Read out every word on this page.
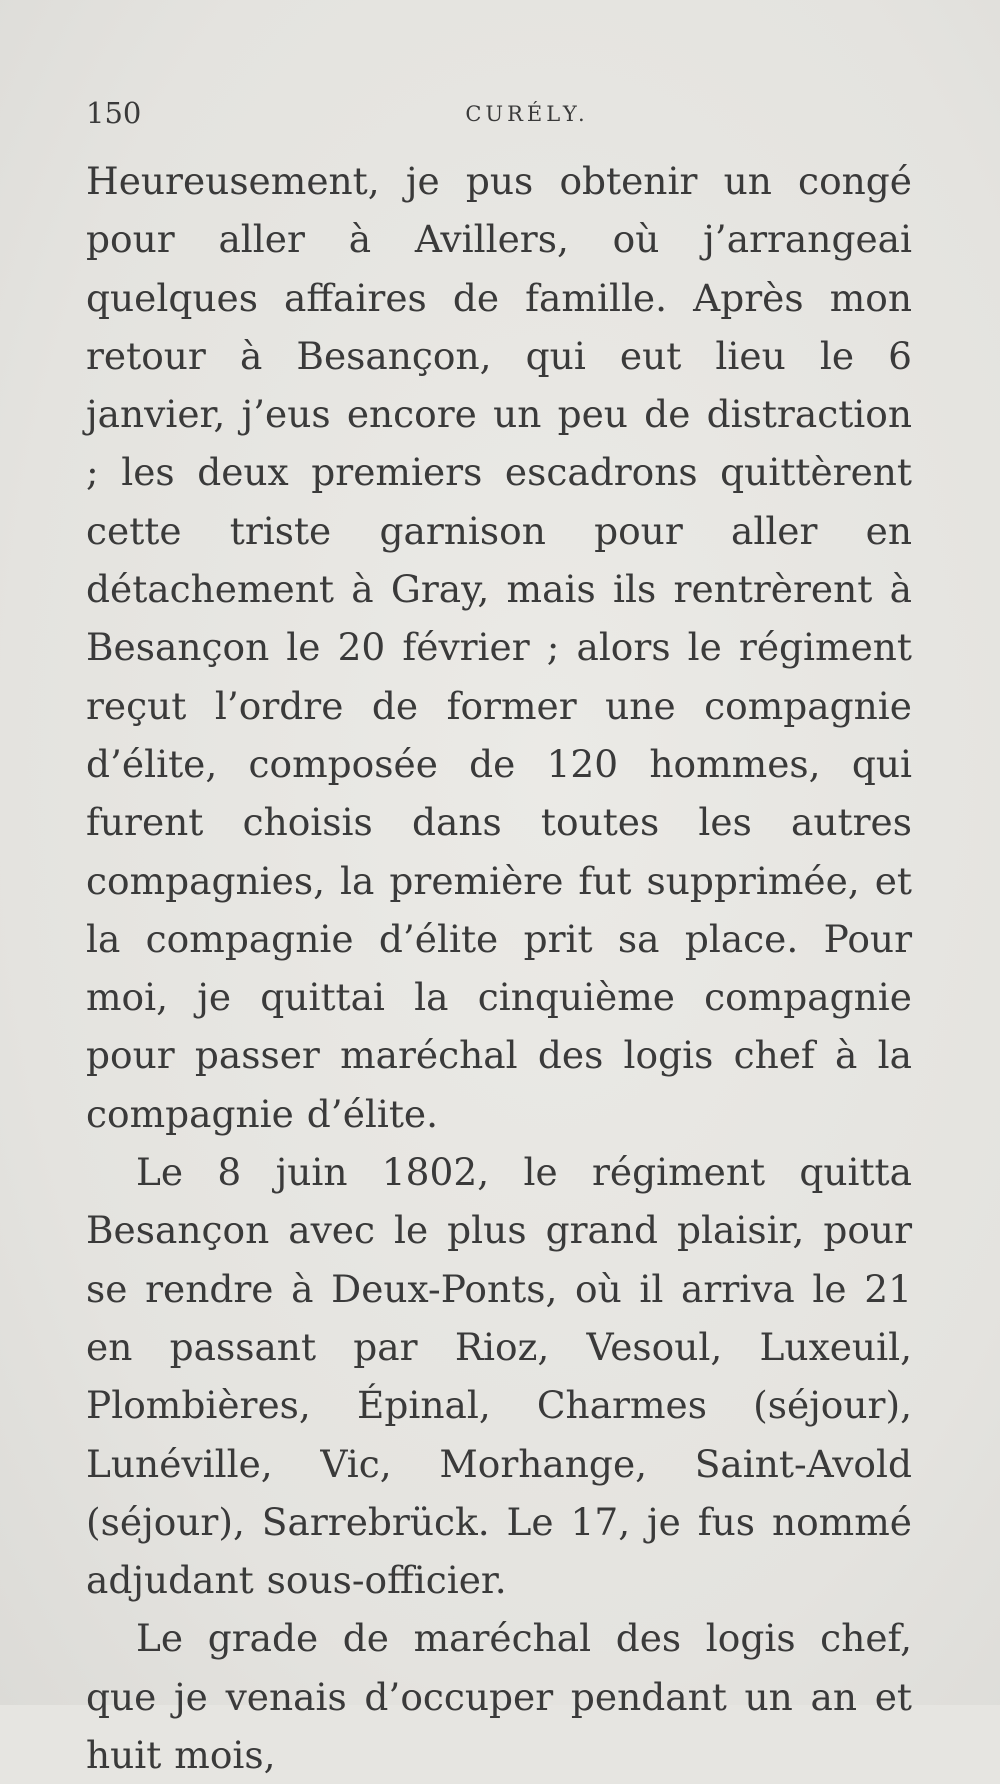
150	CURÉLY.

Heureusement, je pus obtenir un congé pour aller à Avillers, où j’arrangeai quelques affaires de famille. Après mon retour à Besançon, qui eut lieu le 6 janvier, j’eus encore un peu de distraction ; les deux premiers escadrons quittèrent cette triste garnison pour aller en détachement à Gray, mais ils rentrèrent à Besançon le 20 février ; alors le régiment reçut l’ordre de former une compagnie d’élite, composée de 120 hommes, qui furent choisis dans toutes les autres compagnies, la première fut supprimée, et la compagnie d’élite prit sa place. Pour moi, je quittai la cinquième compagnie pour passer maréchal des logis chef à la compagnie d’élite.

Le 8 juin 1802, le régiment quitta Besançon avec le plus grand plaisir, pour se rendre à Deux-Ponts, où il arriva le 21 en passant par Rioz, Vesoul, Luxeuil, Plombières, Épinal, Charmes (séjour), Lunéville, Vic, Morhange, Saint-Avold (séjour), Sarrebrück. Le 17, je fus nommé adjudant sous-officier.

Le grade de maréchal des logis chef, que je venais d’occuper pendant un an et huit mois,
